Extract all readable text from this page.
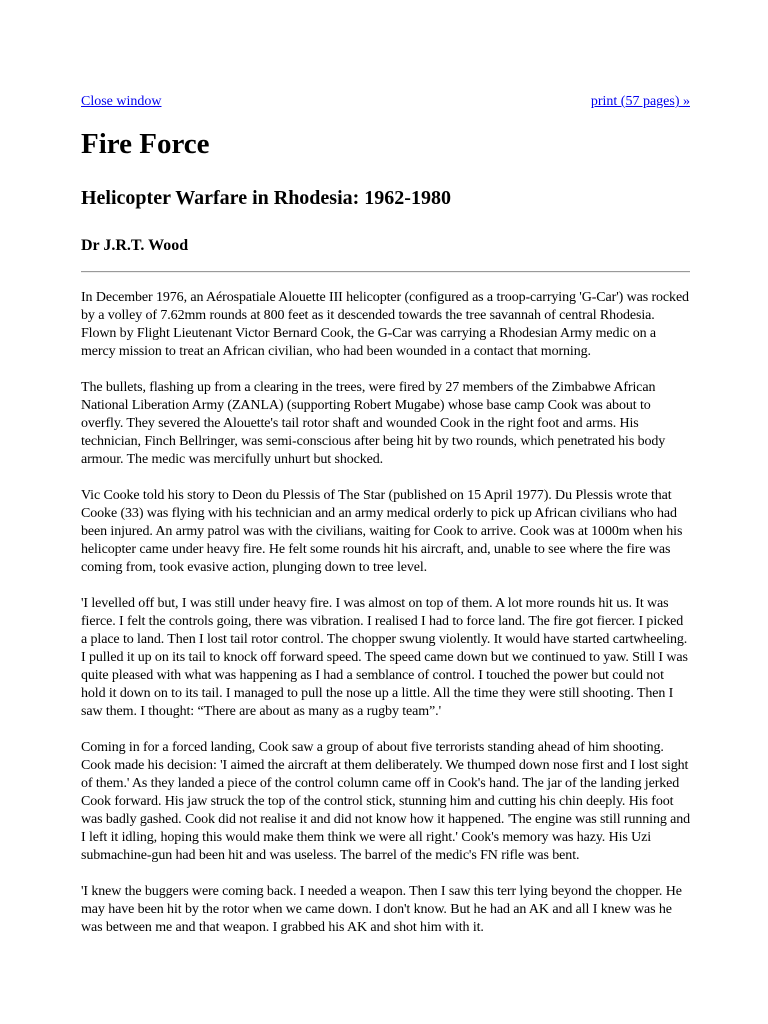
Close window	print (57 pages) »
Fire Force
Helicopter Warfare in Rhodesia: 1962-1980

Dr J.R.T. Wood

In December 1976, an Aérospatiale Alouette III helicopter (configured as a troop-carrying 'G-Car') was rocked by a volley of 7.62mm rounds at 800 feet as it descended towards the tree savannah of central Rhodesia. Flown by Flight Lieutenant Victor Bernard Cook, the G-Car was carrying a Rhodesian Army medic on a mercy mission to treat an African civilian, who had been wounded in a contact that morning.

The bullets, flashing up from a clearing in the trees, were fired by 27 members of the Zimbabwe African National Liberation Army (ZANLA) (supporting Robert Mugabe) whose base camp Cook was about to overfly. They severed the Alouette's tail rotor shaft and wounded Cook in the right foot and arms. His technician, Finch Bellringer, was semi-conscious after being hit by two rounds, which penetrated his body armour. The medic was mercifully unhurt but shocked.

Vic Cooke told his story to Deon du Plessis of The Star (published on 15 April 1977). Du Plessis wrote that Cooke (33) was flying with his technician and an army medical orderly to pick up African civilians who had been injured. An army patrol was with the civilians, waiting for Cook to arrive. Cook was at 1000m when his helicopter came under heavy fire. He felt some rounds hit his aircraft, and, unable to see where the fire was coming from, took evasive action, plunging down to tree level.

'I levelled off but, I was still under heavy fire. I was almost on top of them. A lot more rounds hit us. It was fierce. I felt the controls going, there was vibration. I realised I had to force land. The fire got fiercer. I picked a place to land. Then I lost tail rotor control. The chopper swung violently. It would have started cartwheeling. I pulled it up on its tail to knock off forward speed. The speed came down but we continued to yaw. Still I was quite pleased with what was happening as I had a semblance of control. I touched the power but could not hold it down on to its tail. I managed to pull the nose up a little. All the time they were still shooting. Then I saw them. I thought: “There are about as many as a rugby team”.'

Coming in for a forced landing, Cook saw a group of about five terrorists standing ahead of him shooting. Cook made his decision: 'I aimed the aircraft at them deliberately. We thumped down nose first and I lost sight of them.' As they landed a piece of the control column came off in Cook's hand. The jar of the landing jerked Cook forward. His jaw struck the top of the control stick, stunning him and cutting his chin deeply. His foot was badly gashed. Cook did not realise it and did not know how it happened. 'The engine was still running and I left it idling, hoping this would make them think we were all right.' Cook's memory was hazy. His Uzi submachine-gun had been hit and was useless. The barrel of the medic's FN rifle was bent.

'I knew the buggers were coming back. I needed a weapon. Then I saw this terr lying beyond the chopper. He may have been hit by the rotor when we came down. I don't know. But he had an AK and all I knew was he was between me and that weapon. I grabbed his AK and shot him with it.
